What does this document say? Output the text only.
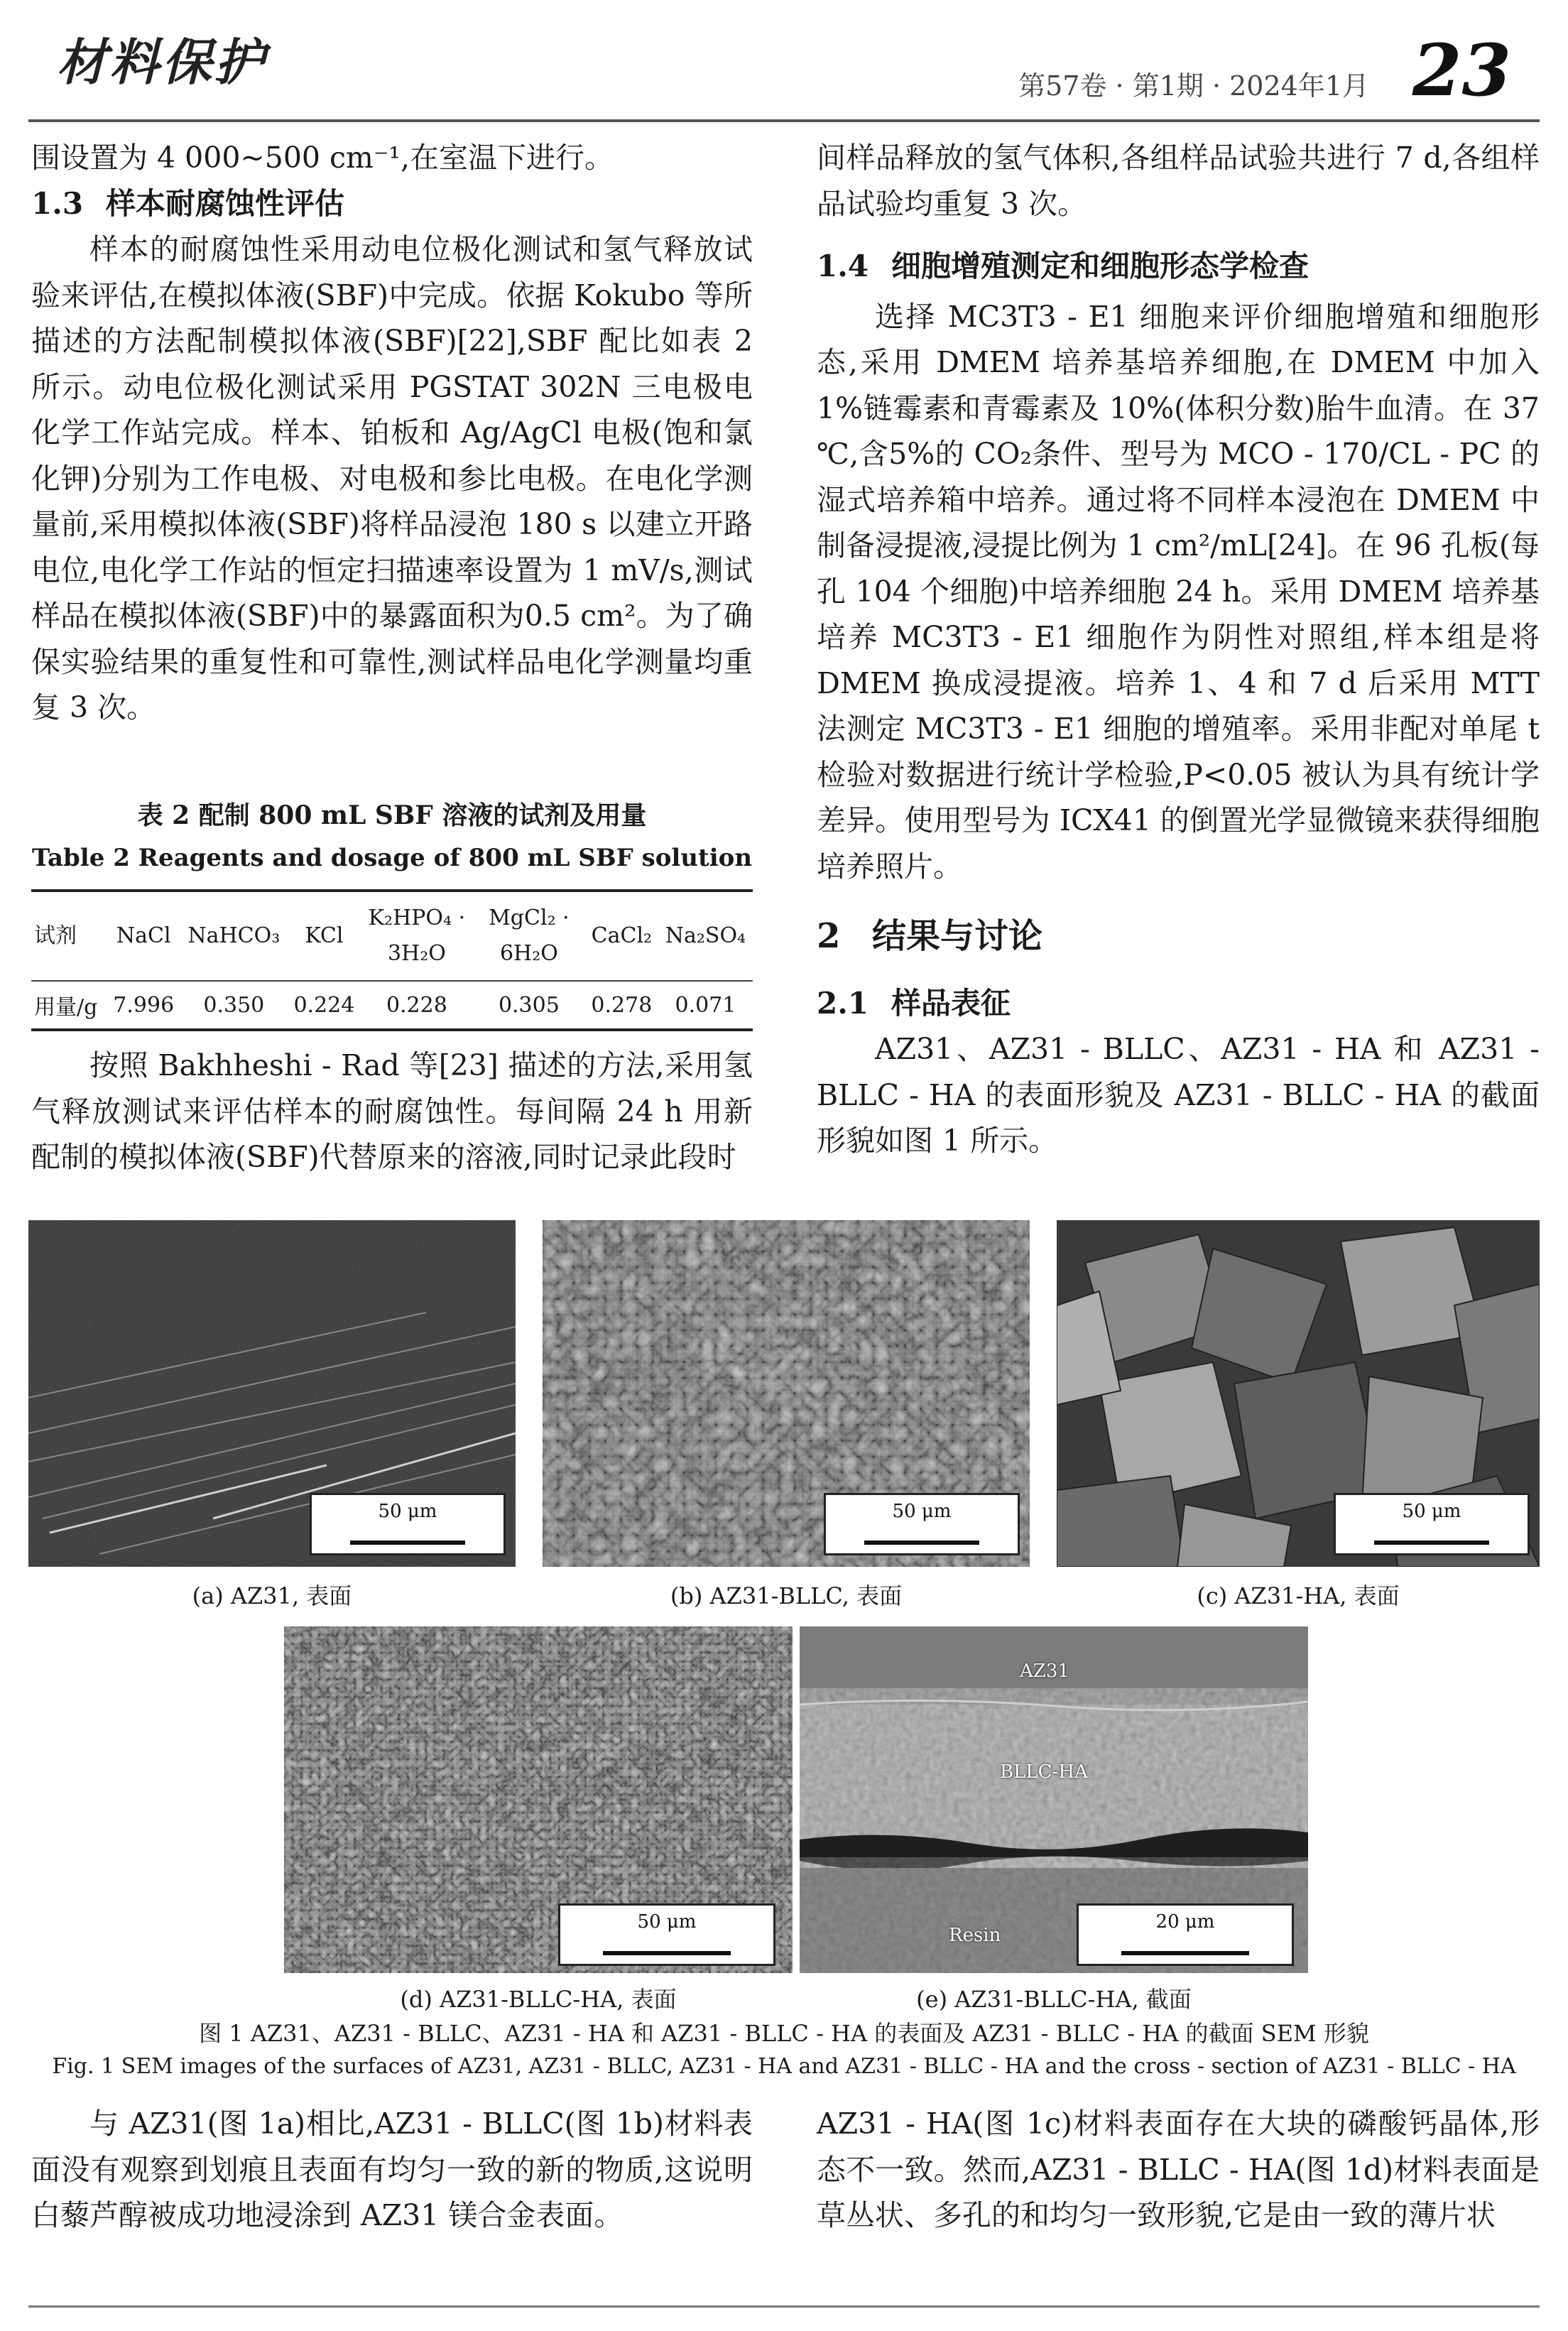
材料保护	第57卷 · 第1期 · 2024年1月 23

围设置为 4 000~500 cm⁻¹,在室温下进行。

1.3 样本耐腐蚀性评估

样本的耐腐蚀性采用动电位极化测试和氢气释放试验来评估,在模拟体液(SBF)中完成。依据 Kokubo 等所描述的方法配制模拟体液(SBF)[22],SBF 配比如表 2 所示。动电位极化测试采用 PGSTAT 302N 三电极电化学工作站完成。样本、铂板和 Ag/AgCl 电极(饱和氯化钾)分别为工作电极、对电极和参比电极。在电化学测量前,采用模拟体液(SBF)将样品浸泡 180 s 以建立开路电位,电化学工作站的恒定扫描速率设置为 1 mV/s,测试样品在模拟体液(SBF)中的暴露面积为0.5 cm²。为了确保实验结果的重复性和可靠性,测试样品电化学测量均重复 3 次。

表 2 配制 800 mL SBF 溶液的试剂及用量
Table 2 Reagents and dosage of 800 mL SBF solution
试剂	NaCl	NaHCO₃	KCl	K₂HPO₄ · 3H₂O	MgCl₂ · 6H₂O	CaCl₂	Na₂SO₄
用量/g	7.996	0.350	0.224	0.228	0.305	0.278	0.071

按照 Bakhheshi - Rad 等[23] 描述的方法,采用氢气释放测试来评估样本的耐腐蚀性。每间隔 24 h 用新配制的模拟体液(SBF)代替原来的溶液,同时记录此段时

间样品释放的氢气体积,各组样品试验共进行 7 d,各组样品试验均重复 3 次。

1.4 细胞增殖测定和细胞形态学检查

选择 MC3T3 - E1 细胞来评价细胞增殖和细胞形态,采用 DMEM 培养基培养细胞,在 DMEM 中加入 1%链霉素和青霉素及 10%(体积分数)胎牛血清。在 37 ℃,含5%的 CO₂条件、型号为 MCO - 170/CL - PC 的湿式培养箱中培养。通过将不同样本浸泡在 DMEM 中制备浸提液,浸提比例为 1 cm²/mL[24]。在 96 孔板(每孔 104 个细胞)中培养细胞 24 h。采用 DMEM 培养基培养 MC3T3 - E1 细胞作为阴性对照组,样本组是将 DMEM 换成浸提液。培养 1、4 和 7 d 后采用 MTT 法测定 MC3T3 - E1 细胞的增殖率。采用非配对单尾 t 检验对数据进行统计学检验,P<0.05 被认为具有统计学差异。使用型号为 ICX41 的倒置光学显微镜来获得细胞培养照片。

2 结果与讨论

2.1 样品表征

AZ31、AZ31 - BLLC、AZ31 - HA 和 AZ31 - BLLC - HA 的表面形貌及 AZ31 - BLLC - HA 的截面形貌如图 1 所示。

50 μm
(a) AZ31, 表面
50 μm
(b) AZ31-BLLC, 表面
50 μm
(c) AZ31-HA, 表面
50 μm
(d) AZ31-BLLC-HA, 表面
AZ31
BLLC-HA
Resin
20 μm
(e) AZ31-BLLC-HA, 截面
图 1 AZ31、AZ31 - BLLC、AZ31 - HA 和 AZ31 - BLLC - HA 的表面及 AZ31 - BLLC - HA 的截面 SEM 形貌
Fig. 1 SEM images of the surfaces of AZ31, AZ31 - BLLC, AZ31 - HA and AZ31 - BLLC - HA and the cross - section of AZ31 - BLLC - HA

与 AZ31(图 1a)相比,AZ31 - BLLC(图 1b)材料表面没有观察到划痕且表面有均匀一致的新的物质,这说明白藜芦醇被成功地浸涂到 AZ31 镁合金表面。

AZ31 - HA(图 1c)材料表面存在大块的磷酸钙晶体,形态不一致。然而,AZ31 - BLLC - HA(图 1d)材料表面是草丛状、多孔的和均匀一致形貌,它是由一致的薄片状
